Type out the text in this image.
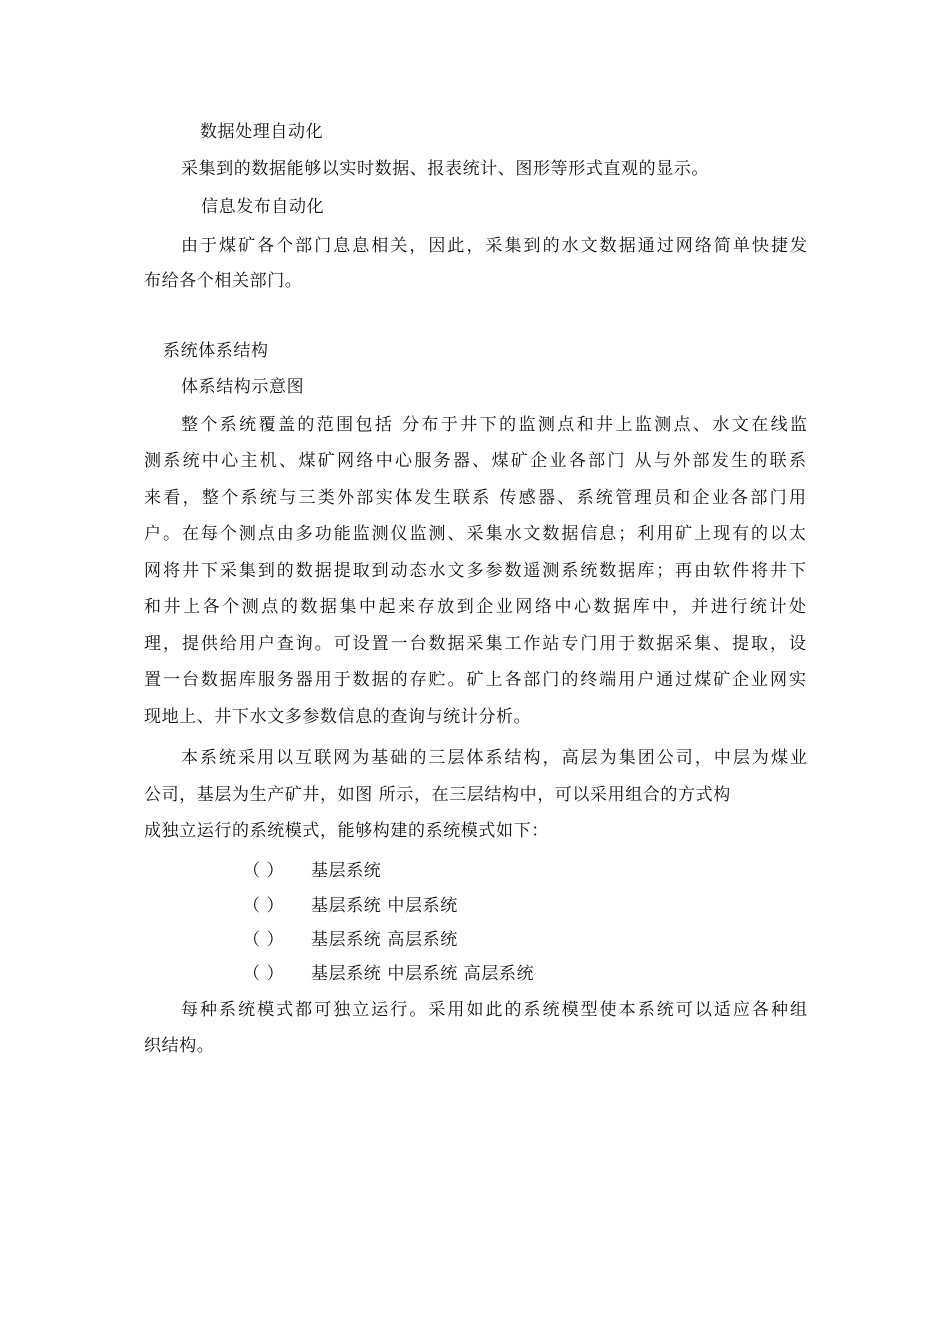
数据处理自动化
采集到的数据能够以实时数据、报表统计、图形等形式直观的显示。
信息发布自动化
由于煤矿各个部门息息相关，因此，采集到的水文数据通过网络简单快捷发
布给各个相关部门。
系统体系结构
体系结构示意图
整个系统覆盖的范围包括 分布于井下的监测点和井上监测点、水文在线监
测系统中心主机、煤矿网络中心服务器、煤矿企业各部门 从与外部发生的联系
来看，整个系统与三类外部实体发生联系 传感器、系统管理员和企业各部门用
户。在每个测点由多功能监测仪监测、采集水文数据信息；利用矿上现有的以太
网将井下采集到的数据提取到动态水文多参数遥测系统数据库；再由软件将井下
和井上各个测点的数据集中起来存放到企业网络中心数据库中，并进行统计处
理，提供给用户查询。可设置一台数据采集工作站专门用于数据采集、提取，设
置一台数据库服务器用于数据的存贮。矿上各部门的终端用户通过煤矿企业网实
现地上、井下水文多参数信息的查询与统计分析。
本系统采用以互联网为基础的三层体系结构，高层为集团公司，中层为煤业
公司，基层为生产矿井，如图 所示，在三层结构中，可以采用组合的方式构
成独立运行的系统模式，能够构建的系统模式如下：
（ ） 基层系统
（ ） 基层系统 中层系统
（ ） 基层系统 高层系统
（ ） 基层系统 中层系统 高层系统
每种系统模式都可独立运行。采用如此的系统模型使本系统可以适应各种组
织结构。
